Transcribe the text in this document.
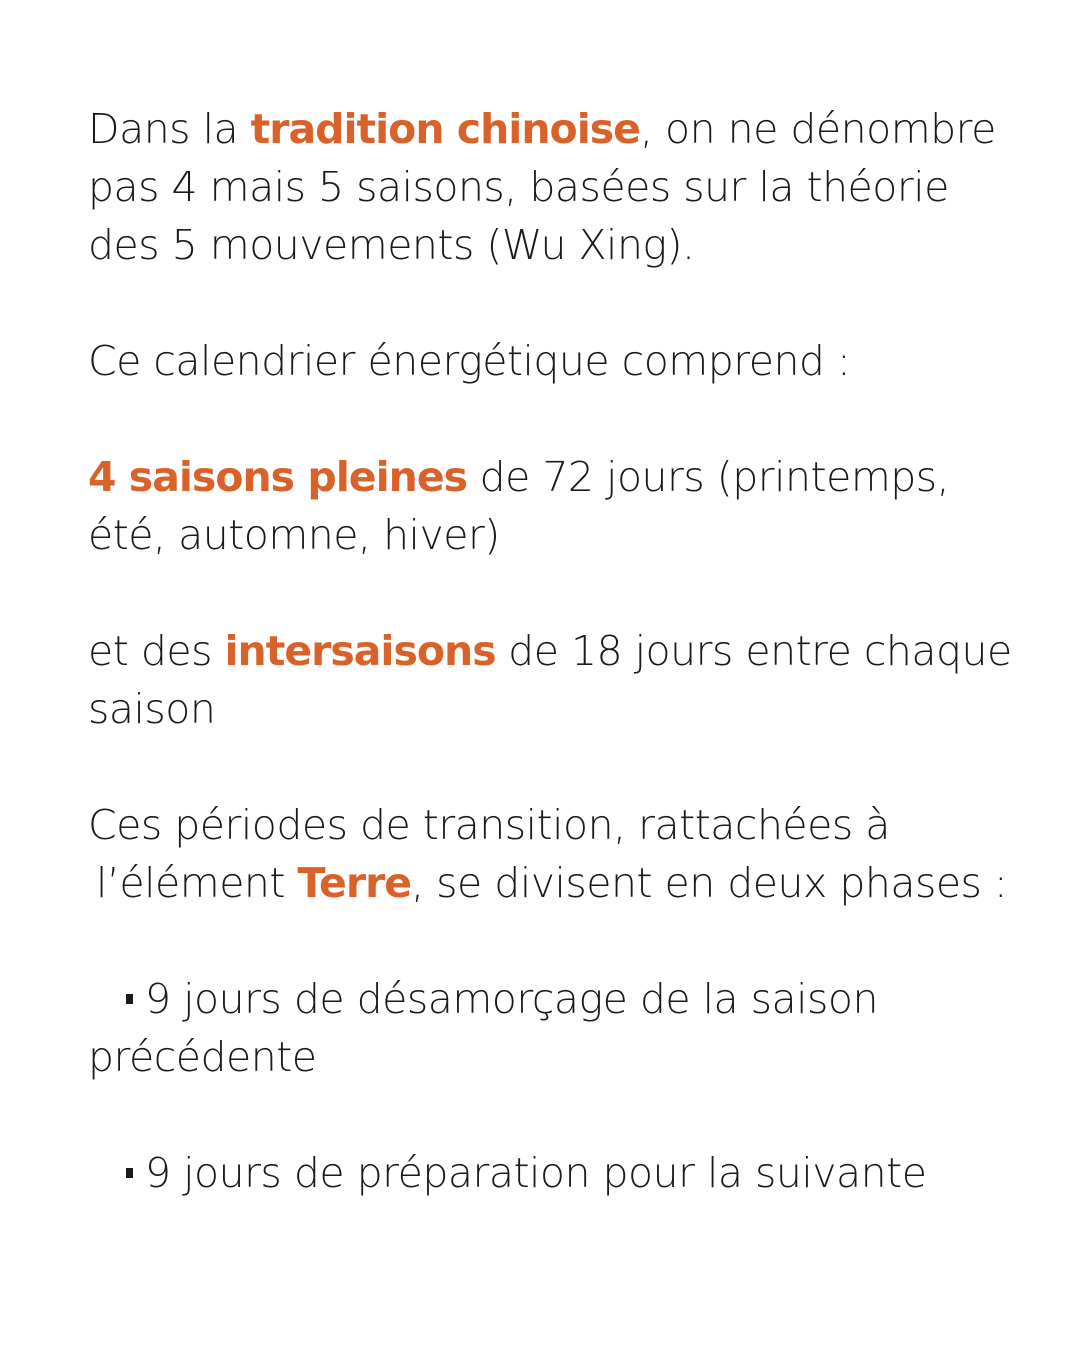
Dans la tradition chinoise, on ne dénombre pas 4 mais 5 saisons, basées sur la théorie des 5 mouvements (Wu Xing).

Ce calendrier énergétique comprend :

4 saisons pleines de 72 jours (printemps, été, automne, hiver)

et des intersaisons de 18 jours entre chaque saison

Ces périodes de transition, rattachées à
l’élément Terre, se divisent en deux phases :

9 jours de désamorçage de la saison précédente

9 jours de préparation pour la suivante
